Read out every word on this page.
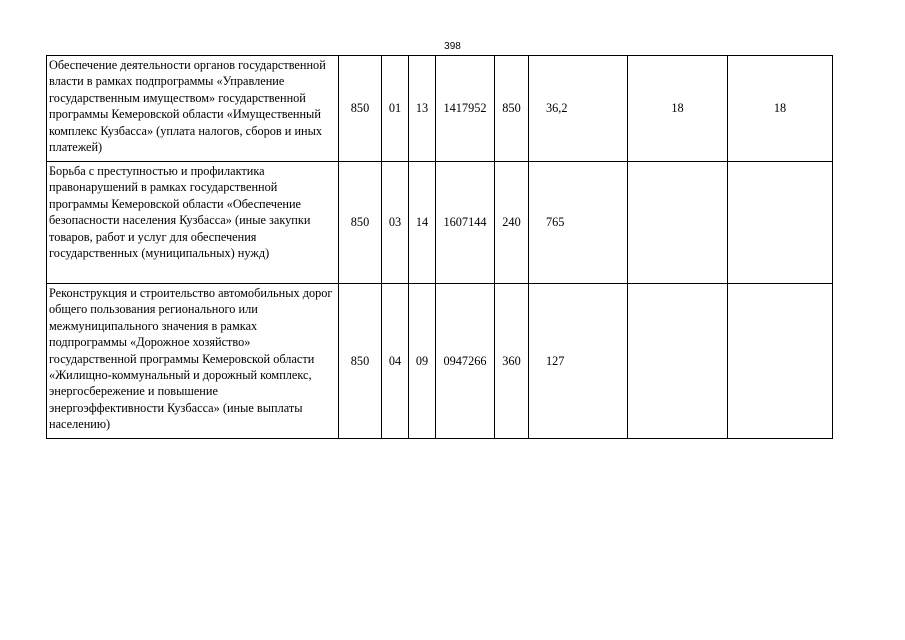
398
Обеспечение деятельности органов государственной власти в рамках подпрограммы «Управление государственным имуществом» государственной программы Кемеровской области «Имущественный комплекс Кузбасса» (уплата налогов, сборов и иных платежей)	850	01	13	1417952	850	36,2	18	18
Борьба с преступностью и профилактика правонарушений в рамках государственной программы Кемеровской области «Обеспечение безопасности населения Кузбасса» (иные закупки товаров, работ и услуг для обеспечения государственных (муниципальных) нужд)	850	03	14	1607144	240	765		
Реконструкция и строительство автомобильных дорог общего пользования регионального или межмуниципального значения в рамках подпрограммы «Дорожное хозяйство» государственной программы Кемеровской области «Жилищно-коммунальный и дорожный комплекс, энергосбережение и повышение энергоэффективности Кузбасса» (иные выплаты населению)	850	04	09	0947266	360	127		
